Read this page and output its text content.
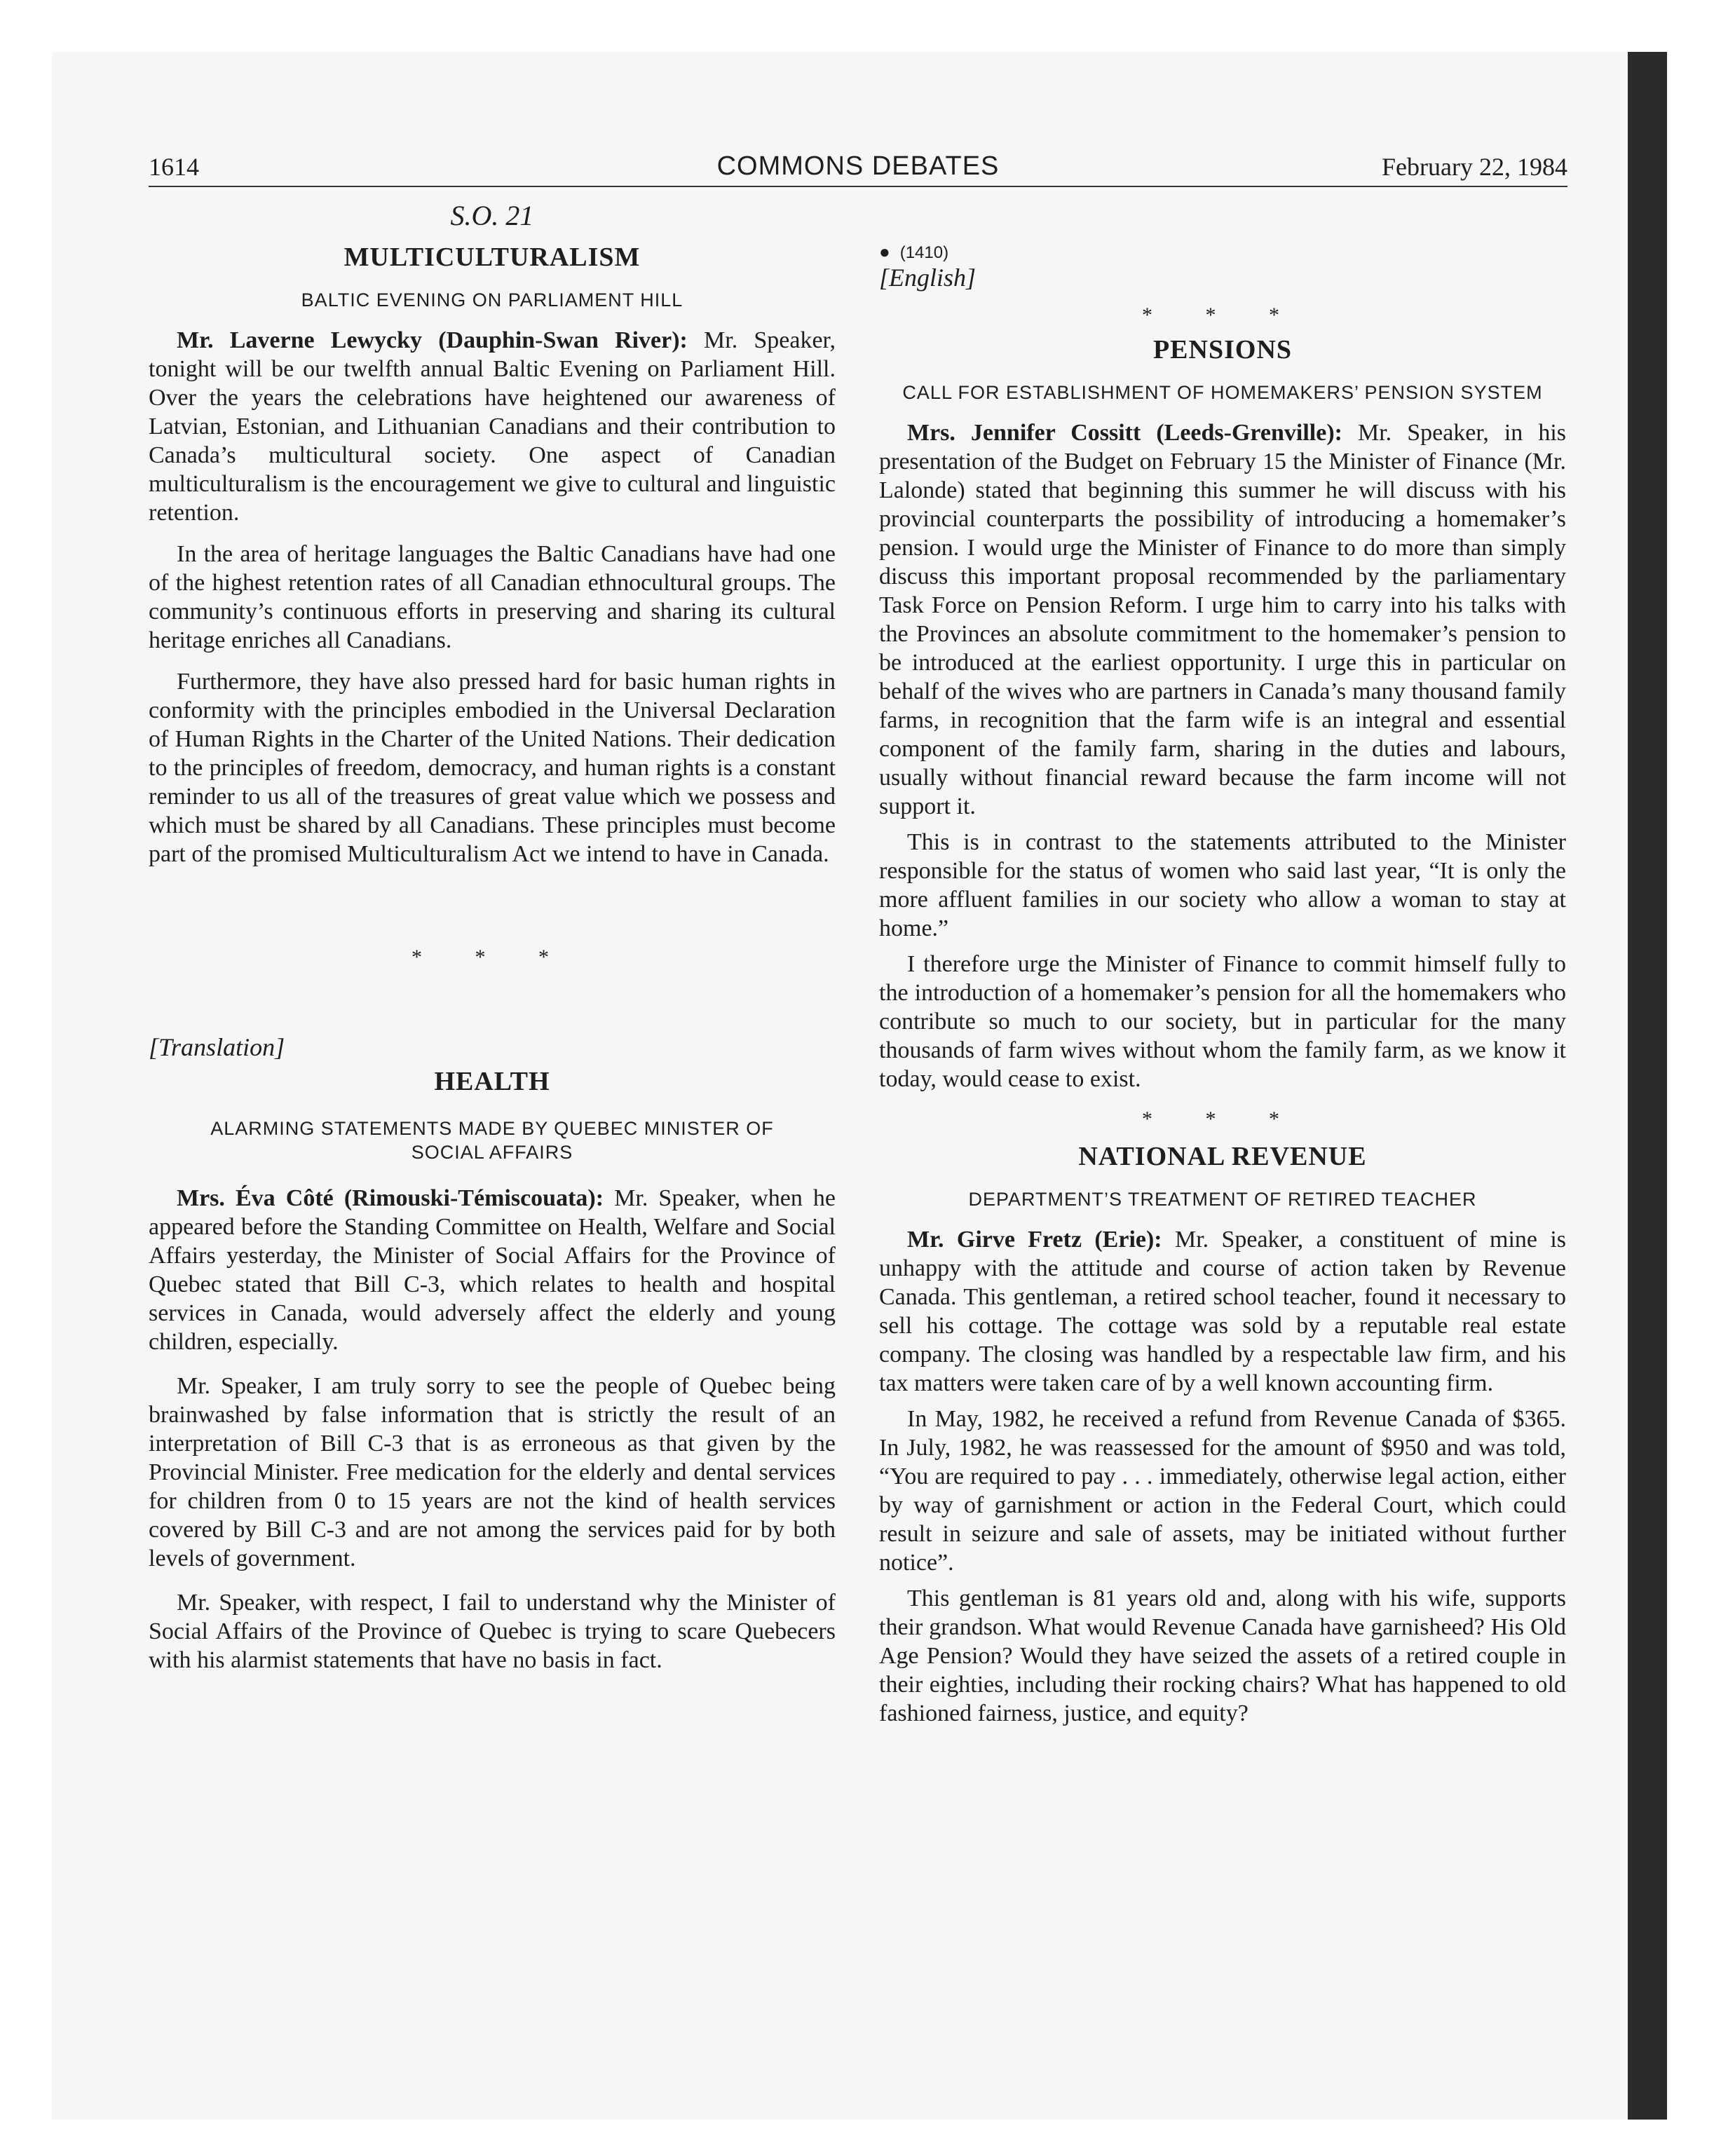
1614	COMMONS DEBATES	February 22, 1984
S.O. 21
MULTICULTURALISM
BALTIC EVENING ON PARLIAMENT HILL

Mr. Laverne Lewycky (Dauphin-Swan River): Mr. Speaker, tonight will be our twelfth annual Baltic Evening on Parliament Hill. Over the years the celebrations have heightened our awareness of Latvian, Estonian, and Lithuanian Canadians and their contribution to Canada’s multicultural society. One aspect of Canadian multiculturalism is the encouragement we give to cultural and linguistic retention.

In the area of heritage languages the Baltic Canadians have had one of the highest retention rates of all Canadian ethnocultural groups. The community’s continuous efforts in preserving and sharing its cultural heritage enriches all Canadians.

Furthermore, they have also pressed hard for basic human rights in conformity with the principles embodied in the Universal Declaration of Human Rights in the Charter of the United Nations. Their dedication to the principles of freedom, democracy, and human rights is a constant reminder to us all of the treasures of great value which we possess and which must be shared by all Canadians. These principles must become part of the promised Multiculturalism Act we intend to have in Canada.

* * *
[Translation]
HEALTH
ALARMING STATEMENTS MADE BY QUEBEC MINISTER OF SOCIAL AFFAIRS

Mrs. Éva Côté (Rimouski-Témiscouata): Mr. Speaker, when he appeared before the Standing Committee on Health, Welfare and Social Affairs yesterday, the Minister of Social Affairs for the Province of Quebec stated that Bill C-3, which relates to health and hospital services in Canada, would adversely affect the elderly and young children, especially.

Mr. Speaker, I am truly sorry to see the people of Quebec being brainwashed by false information that is strictly the result of an interpretation of Bill C-3 that is as erroneous as that given by the Provincial Minister. Free medication for the elderly and dental services for children from 0 to 15 years are not the kind of health services covered by Bill C-3 and are not among the services paid for by both levels of government.

Mr. Speaker, with respect, I fail to understand why the Minister of Social Affairs of the Province of Quebec is trying to scare Quebecers with his alarmist statements that have no basis in fact.

● (1410)
[English]
* * *
PENSIONS
CALL FOR ESTABLISHMENT OF HOMEMAKERS’ PENSION SYSTEM

Mrs. Jennifer Cossitt (Leeds-Grenville): Mr. Speaker, in his presentation of the Budget on February 15 the Minister of Finance (Mr. Lalonde) stated that beginning this summer he will discuss with his provincial counterparts the possibility of introducing a homemaker’s pension. I would urge the Minister of Finance to do more than simply discuss this important proposal recommended by the parliamentary Task Force on Pension Reform. I urge him to carry into his talks with the Provinces an absolute commitment to the homemaker’s pension to be introduced at the earliest opportunity. I urge this in particular on behalf of the wives who are partners in Canada’s many thousand family farms, in recognition that the farm wife is an integral and essential component of the family farm, sharing in the duties and labours, usually without financial reward because the farm income will not support it.

This is in contrast to the statements attributed to the Minister responsible for the status of women who said last year, “It is only the more affluent families in our society who allow a woman to stay at home.”

I therefore urge the Minister of Finance to commit himself fully to the introduction of a homemaker’s pension for all the homemakers who contribute so much to our society, but in particular for the many thousands of farm wives without whom the family farm, as we know it today, would cease to exist.

* * *
NATIONAL REVENUE
DEPARTMENT’S TREATMENT OF RETIRED TEACHER

Mr. Girve Fretz (Erie): Mr. Speaker, a constituent of mine is unhappy with the attitude and course of action taken by Revenue Canada. This gentleman, a retired school teacher, found it necessary to sell his cottage. The cottage was sold by a reputable real estate company. The closing was handled by a respectable law firm, and his tax matters were taken care of by a well known accounting firm.

In May, 1982, he received a refund from Revenue Canada of $365. In July, 1982, he was reassessed for the amount of $950 and was told, “You are required to pay . . . immediately, otherwise legal action, either by way of garnishment or action in the Federal Court, which could result in seizure and sale of assets, may be initiated without further notice”.

This gentleman is 81 years old and, along with his wife, supports their grandson. What would Revenue Canada have garnisheed? His Old Age Pension? Would they have seized the assets of a retired couple in their eighties, including their rocking chairs? What has happened to old fashioned fairness, justice, and equity?
